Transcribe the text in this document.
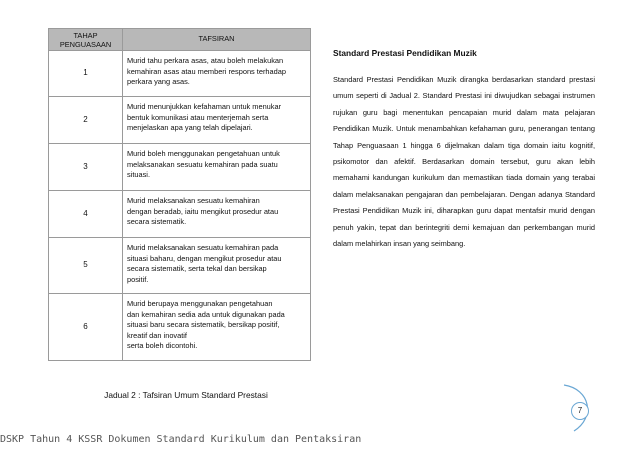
TAHAP PENGUASAAN	TAFSIRAN
1	Murid tahu perkara asas, atau boleh melakukan
kemahiran asas atau memberi respons terhadap
perkara yang asas.

2	Murid menunjukkan kefahaman untuk menukar
bentuk komunikasi atau menterjemah serta
menjelaskan apa yang telah dipelajari.

3	Murid boleh menggunakan pengetahuan untuk
melaksanakan sesuatu kemahiran pada suatu
situasi.

4	Murid melaksanakan sesuatu kemahiran
dengan beradab, iaitu mengikut prosedur atau
secara sistematik.

5	Murid melaksanakan sesuatu kemahiran pada
situasi baharu, dengan mengikut prosedur atau
secara sistematik, serta tekal dan bersikap
positif.

6	Murid berupaya menggunakan pengetahuan
dan kemahiran sedia ada untuk digunakan pada
situasi baru secara sistematik, bersikap positif,
kreatif dan inovatif
serta boleh dicontohi.
Jadual 2 : Tafsiran Umum Standard Prestasi
Standard Prestasi Pendidikan Muzik
Standard Prestasi Pendidikan Muzik dirangka berdasarkan standard prestasi umum seperti di Jadual 2. Standard Prestasi ini diwujudkan sebagai instrumen rujukan guru bagi menentukan pencapaian murid dalam mata pelajaran Pendidikan Muzik. Untuk menambahkan kefahaman guru, penerangan tentang Tahap Penguasaan 1 hingga 6 dijelmakan dalam tiga domain iaitu kognitif, psikomotor dan afektif. Berdasarkan domain tersebut, guru akan lebih memahami kandungan kurikulum dan memastikan tiada domain yang terabai dalam melaksanakan pengajaran dan pembelajaran. Dengan adanya Standard Prestasi Pendidikan Muzik ini, diharapkan guru dapat mentafsir murid dengan penuh yakin, tepat dan berintegriti demi kemajuan dan perkembangan murid dalam melahirkan insan yang seimbang.
7
DSKP Tahun 4 KSSR Dokumen Standard Kurikulum dan Pentaksiran
